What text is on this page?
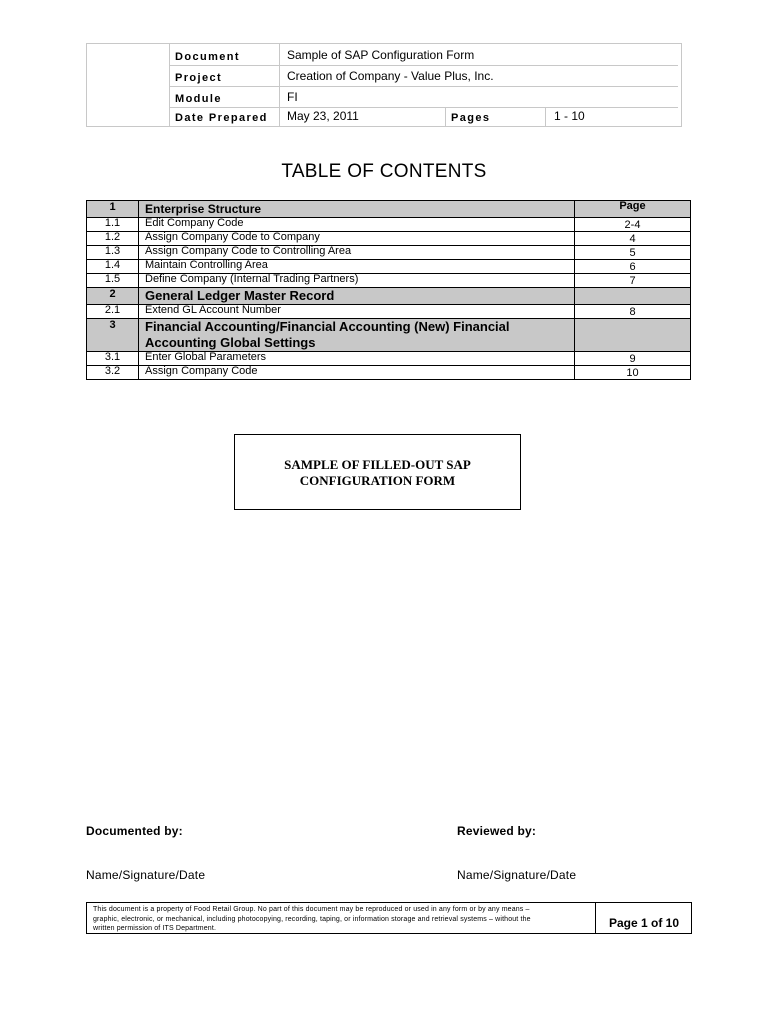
Document	Sample of SAP Configuration Form
Project	Creation of Company - Value Plus, Inc.
Module	FI
Date Prepared May 23, 2011	Pages	1 - 10
TABLE OF CONTENTS
1	Enterprise Structure	Page
1.1	Edit Company Code	2-4
1.2	Assign Company Code to Company	4
1.3	Assign Company Code to Controlling Area	5
1.4	Maintain Controlling Area	6
1.5	Define Company (Internal Trading Partners)	7
2	General Ledger Master Record	
2.1	Extend GL Account Number	8
3	Financial Accounting/Financial Accounting (New) Financial
Accounting Global Settings	
3.1	Enter Global Parameters	9
3.2	Assign Company Code	10
SAMPLE OF FILLED-OUT SAP
CONFIGURATION FORM
Documented by:	Reviewed by:
Name/Signature/Date	Name/Signature/Date
This document is a property of Food Retail Group. No part of this document may be reproduced or used in any form or by any means –
graphic, electronic, or mechanical, including photocopying, recording, taping, or information storage and retrieval systems – without the
written permission of ITS Department.	Page 1 of 10
